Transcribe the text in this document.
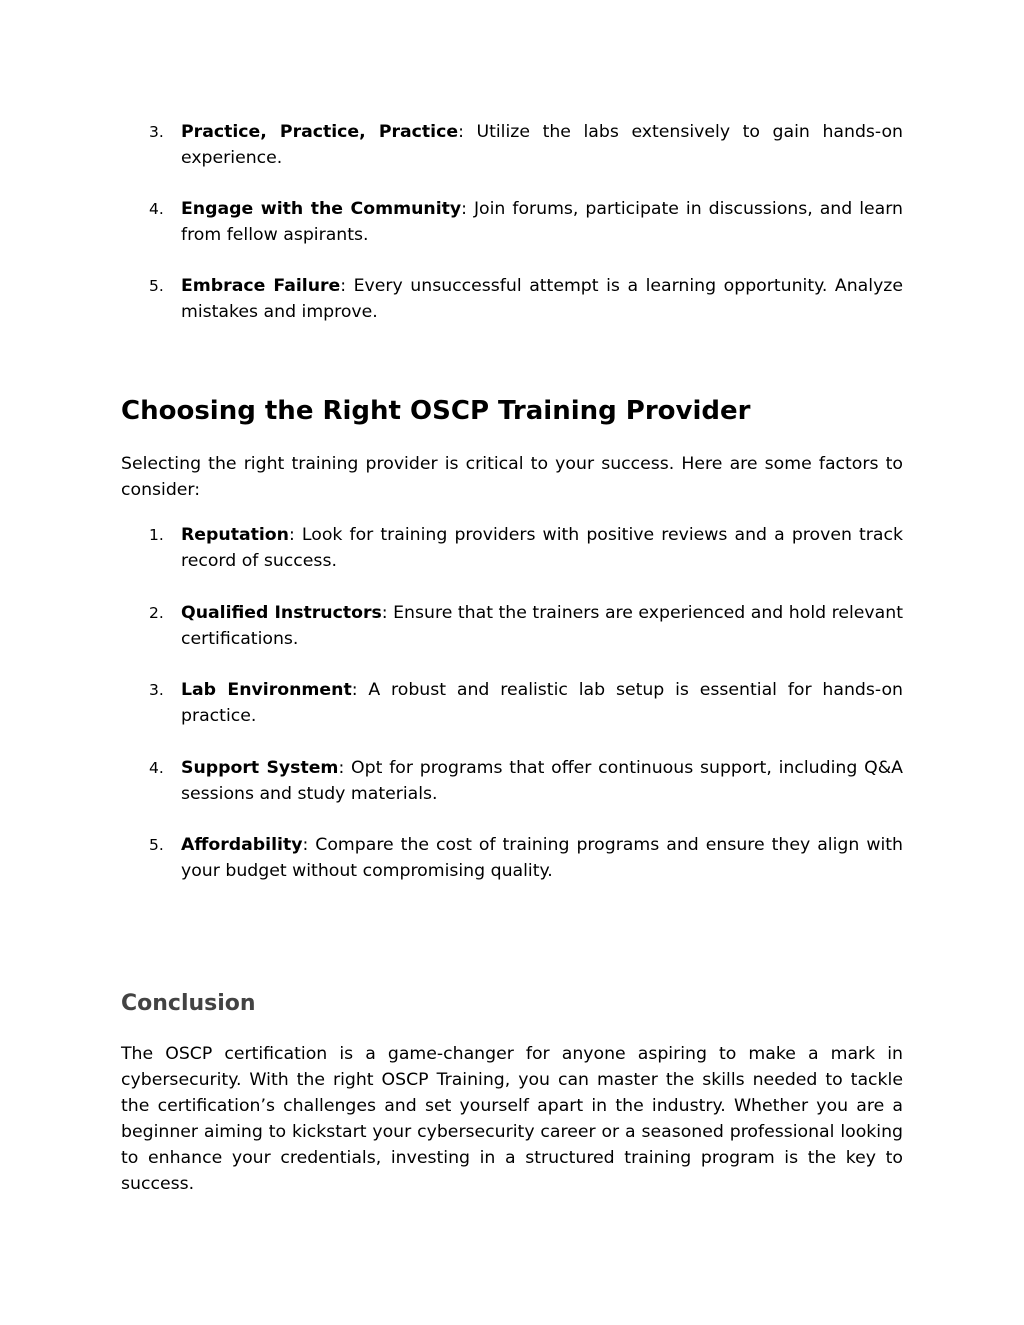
3. Practice, Practice, Practice: Utilize the labs extensively to gain hands-on experience.
4. Engage with the Community: Join forums, participate in discussions, and learn from fellow aspirants.
5. Embrace Failure: Every unsuccessful attempt is a learning opportunity. Analyze mistakes and improve.
Choosing the Right OSCP Training Provider

Selecting the right training provider is critical to your success. Here are some factors to consider:

1. Reputation: Look for training providers with positive reviews and a proven track record of success.
2. Qualified Instructors: Ensure that the trainers are experienced and hold relevant certifications.
3. Lab Environment: A robust and realistic lab setup is essential for hands-on practice.
4. Support System: Opt for programs that offer continuous support, including Q&A sessions and study materials.
5. Affordability: Compare the cost of training programs and ensure they align with your budget without compromising quality.
Conclusion

The OSCP certification is a game-changer for anyone aspiring to make a mark in cybersecurity. With the right OSCP Training, you can master the skills needed to tackle the certification’s challenges and set yourself apart in the industry. Whether you are a beginner aiming to kickstart your cybersecurity career or a seasoned professional looking to enhance your credentials, investing in a structured training program is the key to success.
